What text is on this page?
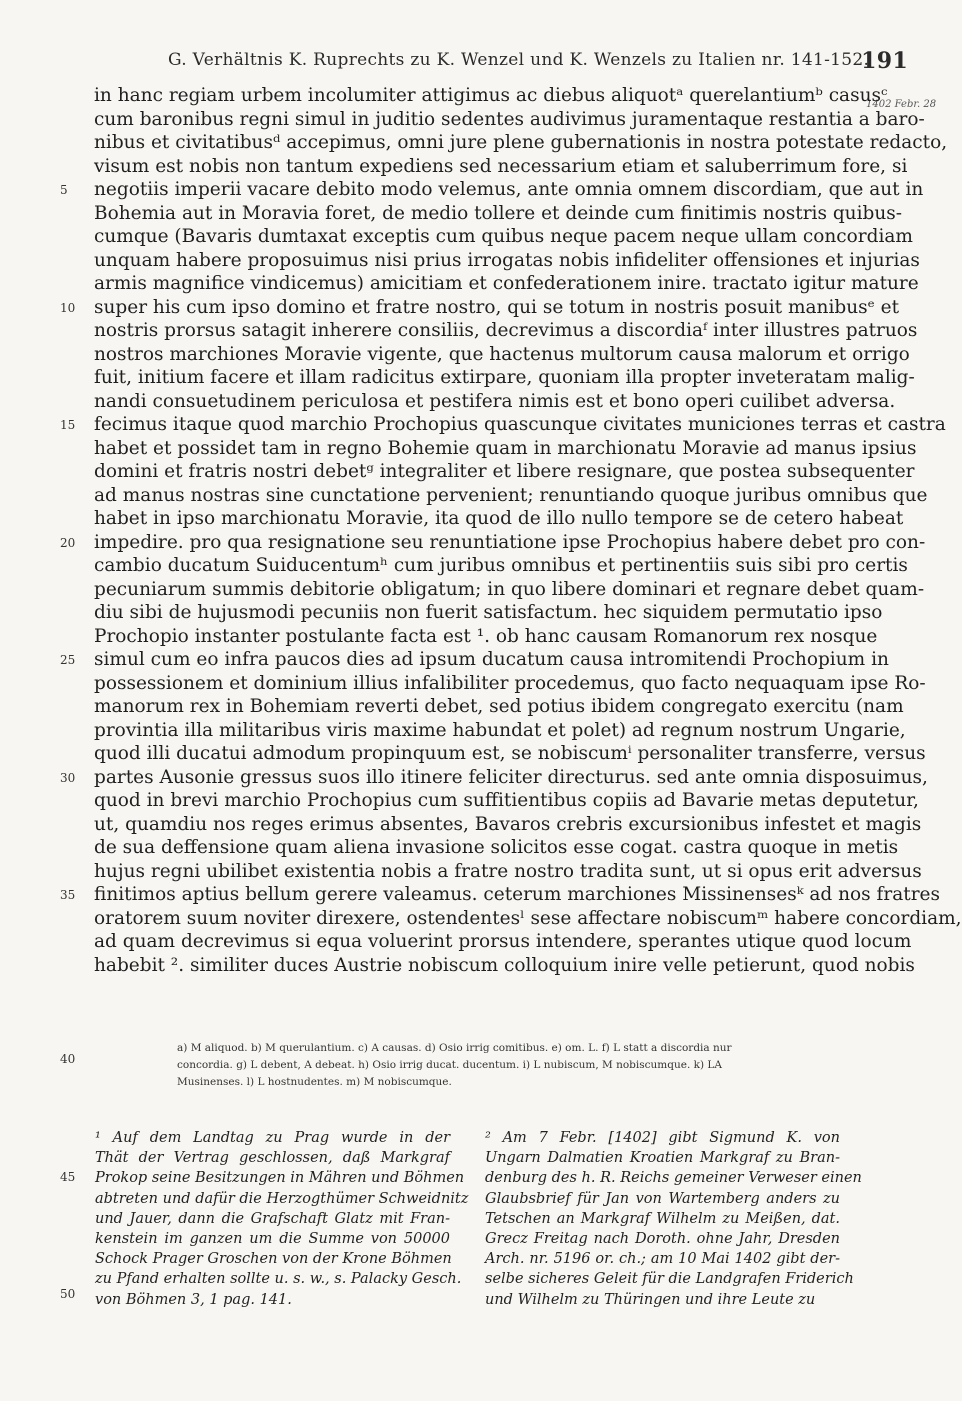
G. Verhältnis K. Ruprechts zu K. Wenzel und K. Wenzels zu Italien nr. 141-152.
191
1402 Febr. 28
in hanc regiam urbem incolumiter attigimus ac diebus aliquotᵃ querelantiumᵇ casusᶜ
cum baronibus regni simul in juditio sedentes audivimus juramentaque restantia a baro-
nibus et civitatibusᵈ accepimus, omni jure plene gubernationis in nostra potestate redacto,
visum est nobis non tantum expediens sed necessarium etiam et saluberrimum fore, si
negotiis imperii vacare debito modo velemus, ante omnia omnem discordiam, que aut in
Bohemia aut in Moravia foret, de medio tollere et deinde cum finitimis nostris quibus-
cumque (Bavaris dumtaxat exceptis cum quibus neque pacem neque ullam concordiam
unquam habere proposuimus nisi prius irrogatas nobis infideliter offensiones et injurias
armis magnifice vindicemus) amicitiam et confederationem inire. tractato igitur mature
super his cum ipso domino et fratre nostro, qui se totum in nostris posuit manibusᵉ et
nostris prorsus satagit inherere consiliis, decrevimus a discordiaᶠ inter illustres patruos
nostros marchiones Moravie vigente, que hactenus multorum causa malorum et orrigo
fuit, initium facere et illam radicitus extirpare, quoniam illa propter inveteratam malig-
nandi consuetudinem periculosa et pestifera nimis est et bono operi cuilibet adversa.
fecimus itaque quod marchio Prochopius quascunque civitates municiones terras et castra
habet et possidet tam in regno Bohemie quam in marchionatu Moravie ad manus ipsius
domini et fratris nostri debetᵍ integraliter et libere resignare, que postea subsequenter
ad manus nostras sine cunctatione pervenient; renuntiando quoque juribus omnibus que
habet in ipso marchionatu Moravie, ita quod de illo nullo tempore se de cetero habeat
impedire. pro qua resignatione seu renuntiatione ipse Prochopius habere debet pro con-
cambio ducatum Suiducentumʰ cum juribus omnibus et pertinentiis suis sibi pro certis
pecuniarum summis debitorie obligatum; in quo libere dominari et regnare debet quam-
diu sibi de hujusmodi pecuniis non fuerit satisfactum. hec siquidem permutatio ipso
Prochopio instanter postulante facta est ¹. ob hanc causam Romanorum rex nosque
simul cum eo infra paucos dies ad ipsum ducatum causa intromitendi Prochopium in
possessionem et dominium illius infalibiliter procedemus, quo facto nequaquam ipse Ro-
manorum rex in Bohemiam reverti debet, sed potius ibidem congregato exercitu (nam
provintia illa militaribus viris maxime habundat et polet) ad regnum nostrum Ungarie,
quod illi ducatui admodum propinquum est, se nobiscumⁱ personaliter transferre, versus
partes Ausonie gressus suos illo itinere feliciter directurus. sed ante omnia disposuimus,
quod in brevi marchio Prochopius cum suffitientibus copiis ad Bavarie metas deputetur,
ut, quamdiu nos reges erimus absentes, Bavaros crebris excursionibus infestet et magis
de sua deffensione quam aliena invasione solicitos esse cogat. castra quoque in metis
hujus regni ubilibet existentia nobis a fratre nostro tradita sunt, ut si opus erit adversus
finitimos aptius bellum gerere valeamus. ceterum marchiones Missinensesᵏ ad nos fratres
oratorem suum noviter direxere, ostendentesˡ sese affectare nobiscumᵐ habere concordiam,
ad quam decrevimus si equa voluerint prorsus intendere, sperantes utique quod locum
habebit ². similiter duces Austrie nobiscum colloquium inire velle petierunt, quod nobis
5
10
15
20
25
30
35
40
45
50
a) M aliquod. b) M querulantium. c) A causas. d) Osio irrig comitibus. e) om. L. f) L statt a discordia nur
concordia. g) L debent, A debeat. h) Osio irrig ducat. ducentum. i) L nubiscum, M nobiscumque. k) LA
Musinenses. l) L hostnudentes. m) M nobiscumque.
¹ Auf dem Landtag zu Prag wurde in der
Thät der Vertrag geschlossen, daß Markgraf
Prokop seine Besitzungen in Mähren und Böhmen
abtreten und dafür die Herzogthümer Schweidnitz
und Jauer, dann die Grafschaft Glatz mit Fran-
kenstein im ganzen um die Summe von 50000
Schock Prager Groschen von der Krone Böhmen
zu Pfand erhalten sollte u. s. w., s. Palacky Gesch.
von Böhmen 3, 1 pag. 141.
² Am 7 Febr. [1402] gibt Sigmund K. von
Ungarn Dalmatien Kroatien Markgraf zu Bran-
denburg des h. R. Reichs gemeiner Verweser einen
Glaubsbrief für Jan von Wartemberg anders zu
Tetschen an Markgraf Wilhelm zu Meißen, dat.
Grecz Freitag nach Doroth. ohne Jahr, Dresden
Arch. nr. 5196 or. ch.; am 10 Mai 1402 gibt der-
selbe sicheres Geleit für die Landgrafen Friderich
und Wilhelm zu Thüringen und ihre Leute zu
